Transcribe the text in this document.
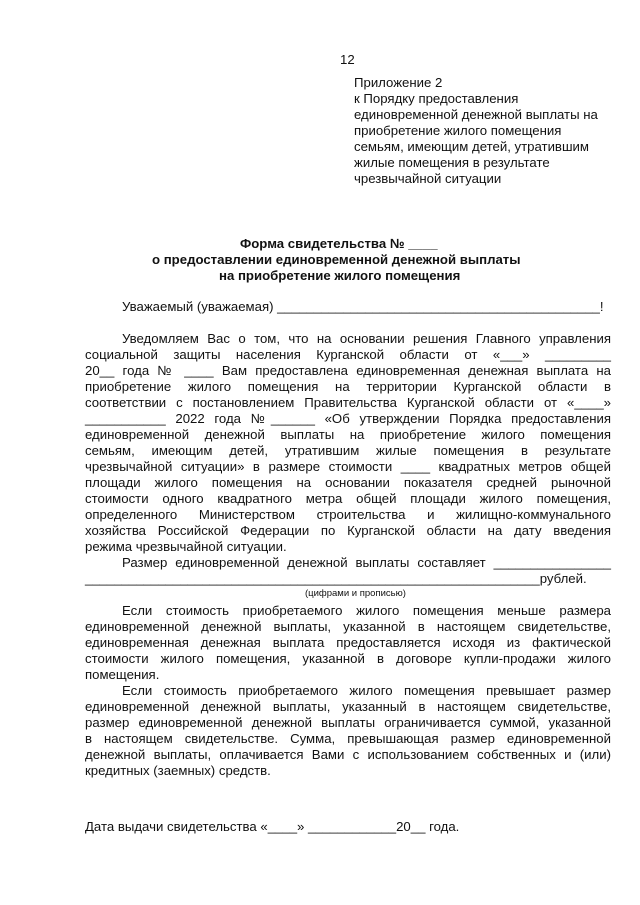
12
Приложение 2
к Порядку предоставления
единовременной денежной выплаты на
приобретение жилого помещения
семьям, имеющим детей, утратившим
жилые помещения в результате
чрезвычайной ситуации
Форма свидетельства № ____
о предоставлении единовременной денежной выплаты
на приобретение жилого помещения
Уважаемый (уважаемая) ____________________________________________!
Уведомляем Вас о том, что на основании решения Главного управления
социальной защиты населения Курганской области от «___» _________
20__ года № ____ Вам предоставлена единовременная денежная выплата на
приобретение жилого помещения на территории Курганской области в
соответствии с постановлением Правительства Курганской области от «____»
___________ 2022 года №______ «Об утверждении Порядка предоставления
единовременной денежной выплаты на приобретение жилого помещения
семьям, имеющим детей, утратившим жилые помещения в результате
чрезвычайной ситуации» в размере стоимости ____ квадратных метров общей
площади жилого помещения на основании показателя средней рыночной
стоимости одного квадратного метра общей площади жилого помещения,
определенного Министерством строительства и жилищно-коммунального
хозяйства Российской Федерации по Курганской области на дату введения
режима чрезвычайной ситуации.
Размер единовременной денежной выплаты составляет ________________
______________________________________________________________рублей.
(цифрами и прописью)
Если стоимость приобретаемого жилого помещения меньше размера
единовременной денежной выплаты, указанной в настоящем свидетельстве,
единовременная денежная выплата предоставляется исходя из фактической
стоимости жилого помещения, указанной в договоре купли-продажи жилого
помещения.
Если стоимость приобретаемого жилого помещения превышает размер
единовременной денежной выплаты, указанный в настоящем свидетельстве,
размер единовременной денежной выплаты ограничивается суммой, указанной
в настоящем свидетельстве. Сумма, превышающая размер единовременной
денежной выплаты, оплачивается Вами с использованием собственных и (или)
кредитных (заемных) средств.
Дата выдачи свидетельства «____» ____________20__ года.
